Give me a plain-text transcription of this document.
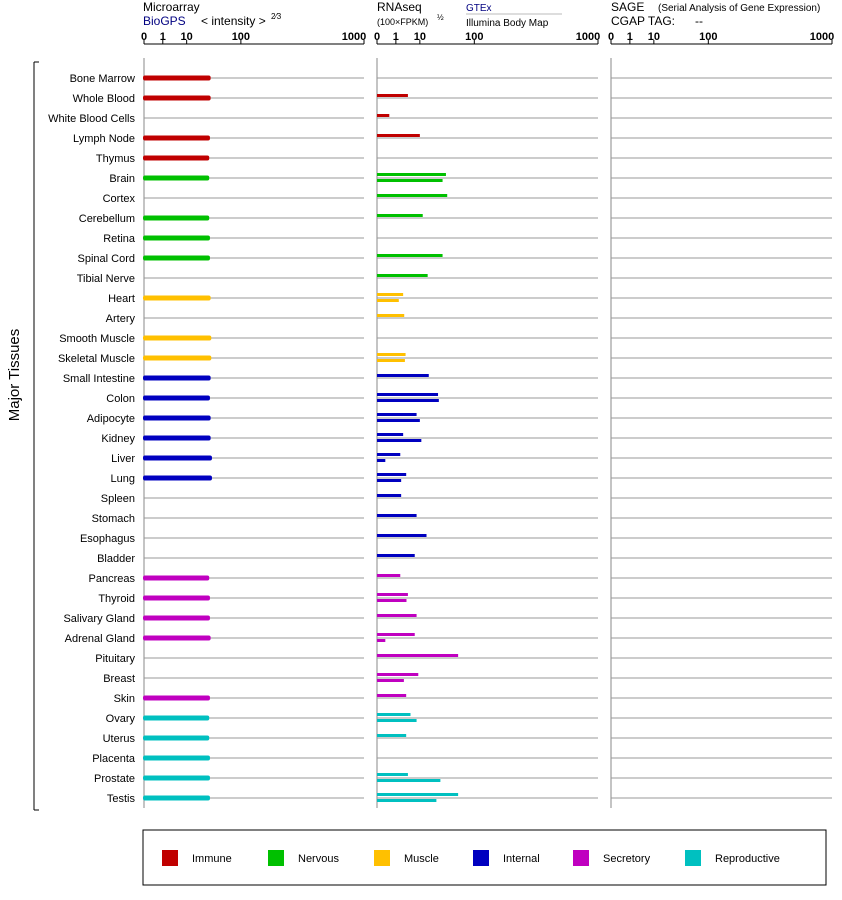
Microarray
BioGPS < intensity > 2⁄3
RNAseq
(100×FPKM) ½
GTEx
Illumina Body Map
SAGE (Serial Analysis of Gene Expression)
CGAP TAG: --
0 1 10	100	1000 0 1 10	100	1000 0 1 10	100	1000
Bone Marrow
Whole Blood
White Blood Cells
Lymph Node
Thymus
Brain
Cortex
Cerebellum
Retina
Spinal Cord
Tibial Nerve
Heart
Artery
Smooth Muscle
Skeletal Muscle
Small Intestine
Colon
Adipocyte
Kidney
Liver
Lung
Spleen
Stomach
Esophagus
Bladder
Pancreas
Thyroid
Salivary Gland
Adrenal Gland
Pituitary
Breast
Skin
Ovary
Uterus
Placenta
Prostate
Testis
Major Tissues
Immune	Nervous	Muscle	Internal	Secretory	Reproductive
